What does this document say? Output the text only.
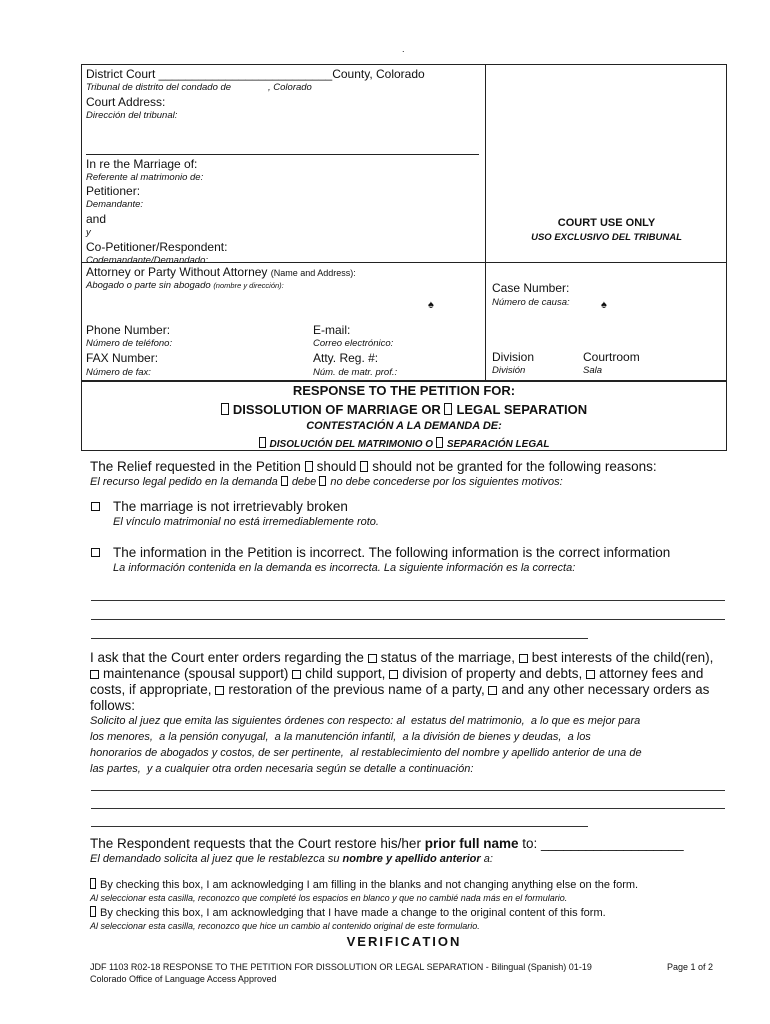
.
District Court __________________________County, Colorado
Tribunal de distrito del condado de              , Colorado
Court Address:
Dirección del tribunal:
In re the Marriage of:
Referente al matrimonio de:
Petitioner:
Demandante:
and
y
Co-Petitioner/Respondent:
Codemandante/Demandado:
COURT USE ONLY
USO EXCLUSIVO DEL TRIBUNAL
Attorney or Party Without Attorney (Name and Address):
Abogado o parte sin abogado (nombre y dirección):
♠
Phone Number:
Número de teléfono:
FAX Number:
Número de fax:
E-mail:
Correo electrónico:
Atty. Reg. #:
Núm. de matr. prof.:
Case Number:
Número de causa:	♠
Division
División
Courtroom
Sala
RESPONSE TO THE PETITION FOR:
DISSOLUTION OF MARRIAGE OR LEGAL SEPARATION
CONTESTACIÓN A LA DEMANDA DE:
DISOLUCIÓN DEL MATRIMONIO O SEPARACIÓN LEGAL
The Relief requested in the Petition should should not be granted for the following reasons:
El recurso legal pedido en la demanda debe no debe concederse por los siguientes motivos:
The marriage is not irretrievably broken
El vínculo matrimonial no está irremediablemente roto.
The information in the Petition is incorrect. The following information is the correct information
La información contenida en la demanda es incorrecta. La siguiente información es la correcta:
I ask that the Court enter orders regarding the status of the marriage, best interests of the child(ren),
maintenance (spousal support) child support, division of property and debts, attorney fees and
costs, if appropriate, restoration of the previous name of a party, and any other necessary orders as
follows:
Solicito al juez que emita las siguientes órdenes con respecto: al  estatus del matrimonio,  a lo que es mejor para
los menores,  a la pensión conyugal,  a la manutención infantil,  a la división de bienes y deudas,  a los
honorarios de abogados y costos, de ser pertinente,  al restablecimiento del nombre y apellido anterior de una de
las partes,  y a cualquier otra orden necesaria según se detalle a continuación:
The Respondent requests that the Court restore his/her prior full name to: ___________________
El demandado solicita al juez que le restablezca su nombre y apellido anterior a:
By checking this box, I am acknowledging I am filling in the blanks and not changing anything else on the form.
Al seleccionar esta casilla, reconozco que completé los espacios en blanco y que no cambié nada más en el formulario.
By checking this box, I am acknowledging that I have made a change to the original content of this form.
Al seleccionar esta casilla, reconozco que hice un cambio al contenido original de este formulario.
VERIFICATION
JDF 1103 R02-18 RESPONSE TO THE PETITION FOR DISSOLUTION OR LEGAL SEPARATION - Bilingual (Spanish) 01-19	Page 1 of 2
Colorado Office of Language Access Approved
